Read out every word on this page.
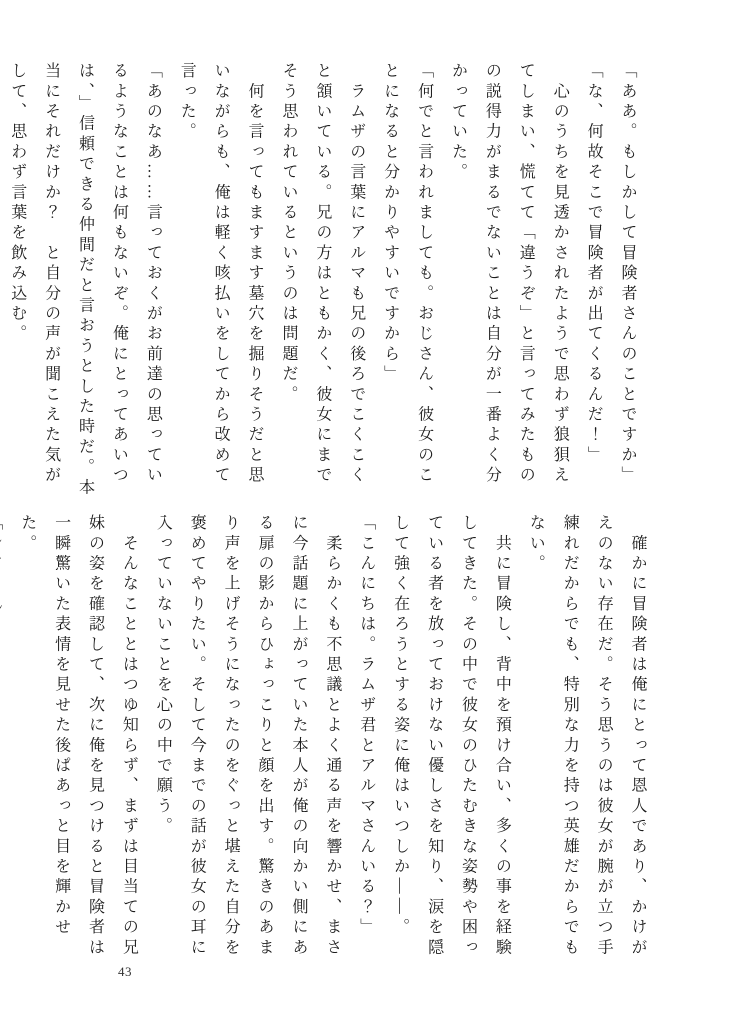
「ああ。もしかして冒険者さんのことですか」

「な、何故そこで冒険者が出てくるんだ！」

　心のうちを見透かされたようで思わず狼狽えてしまい、慌てて「違うぞ」と言ってみたものの説得力がまるでないことは自分が一番よく分かっていた。

「何でと言われましても。おじさん、彼女のことになると分かりやすいですから」

　ラムザの言葉にアルマも兄の後ろでこくこくと頷いている。兄の方はともかく、彼女にまでそう思われているというのは問題だ。

　何を言ってもますます墓穴を掘りそうだと思いながらも、俺は軽く咳払いをしてから改めて言った。

「あのなあ……言っておくがお前達の思っているようなことは何もないぞ。俺にとってあいつは、」信頼できる仲間だと言おうとした時だ。本当にそれだけか？　と自分の声が聞こえた気がして、思わず言葉を飲み込む。

　確かに冒険者は俺にとって恩人であり、かけがえのない存在だ。そう思うのは彼女が腕が立つ手練れだからでも、特別な力を持つ英雄だからでもない。

　共に冒険し、背中を預け合い、多くの事を経験してきた。その中で彼女のひたむきな姿勢や困っている者を放っておけない優しさを知り、涙を隠して強く在ろうとする姿に俺はいつしか——。

「こんにちは。ラムザ君とアルマさんいる？」

　柔らかくも不思議とよく通る声を響かせ、まさに今話題に上がっていた本人が俺の向かい側にある扉の影からひょっこりと顔を出す。驚きのあまり声を上げそうになったのをぐっと堪えた自分を褒めてやりたい。そして今までの話が彼女の耳に入っていないことを心の中で願う。

　そんなこととはつゆ知らず、まずは目当ての兄妹の姿を確認して、次に俺を見つけると冒険者は一瞬驚いた表情を見せた後ぱあっと目を輝かせた。

43
